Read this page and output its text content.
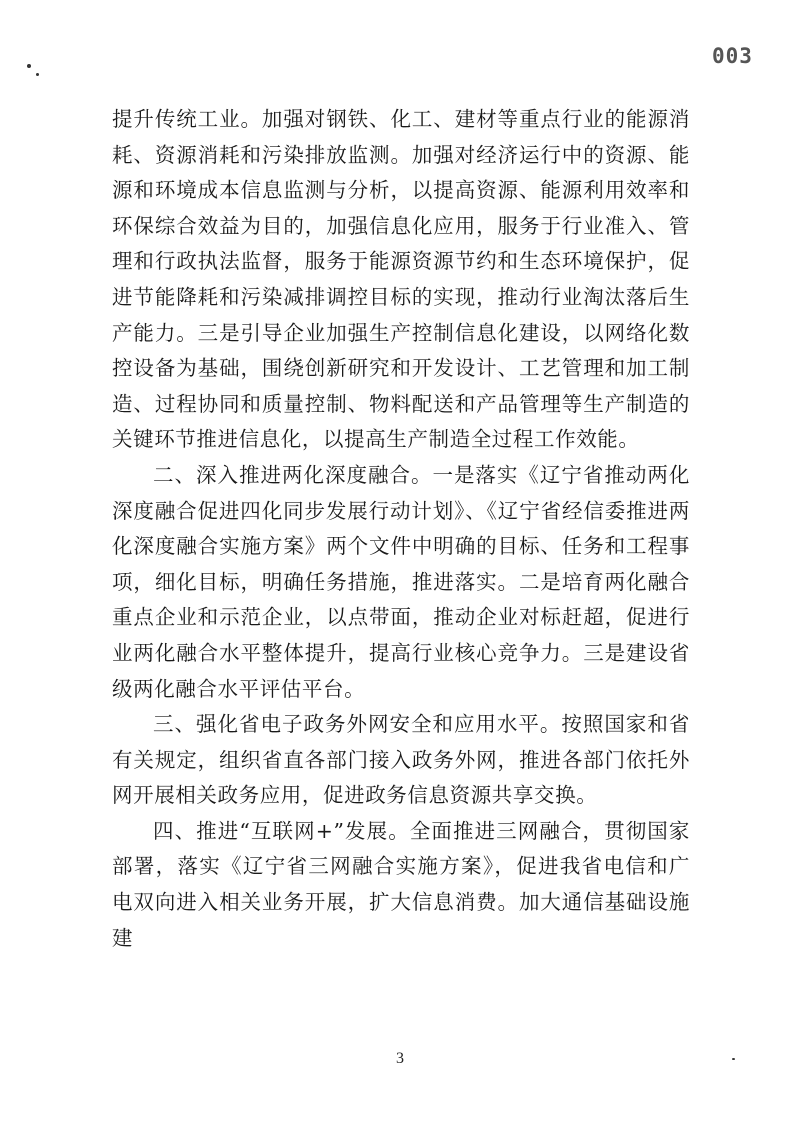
003

提升传统工业。加强对钢铁、化工、建材等重点行业的能源消耗、资源消耗和污染排放监测。加强对经济运行中的资源、能源和环境成本信息监测与分析，以提高资源、能源利用效率和环保综合效益为目的，加强信息化应用，服务于行业准入、管理和行政执法监督，服务于能源资源节约和生态环境保护，促进节能降耗和污染减排调控目标的实现，推动行业淘汰落后生产能力。三是引导企业加强生产控制信息化建设，以网络化数控设备为基础，围绕创新研究和开发设计、工艺管理和加工制造、过程协同和质量控制、物料配送和产品管理等生产制造的关键环节推进信息化，以提高生产制造全过程工作效能。

二、深入推进两化深度融合。一是落实《辽宁省推动两化深度融合促进四化同步发展行动计划》、《辽宁省经信委推进两化深度融合实施方案》两个文件中明确的目标、任务和工程事项，细化目标，明确任务措施，推进落实。二是培育两化融合重点企业和示范企业，以点带面，推动企业对标赶超，促进行业两化融合水平整体提升，提高行业核心竞争力。三是建设省级两化融合水平评估平台。

三、强化省电子政务外网安全和应用水平。按照国家和省有关规定，组织省直各部门接入政务外网，推进各部门依托外网开展相关政务应用，促进政务信息资源共享交换。

四、推进“互联网+”发展。全面推进三网融合，贯彻国家部署，落实《辽宁省三网融合实施方案》，促进我省电信和广电双向进入相关业务开展，扩大信息消费。加大通信基础设施建

3
